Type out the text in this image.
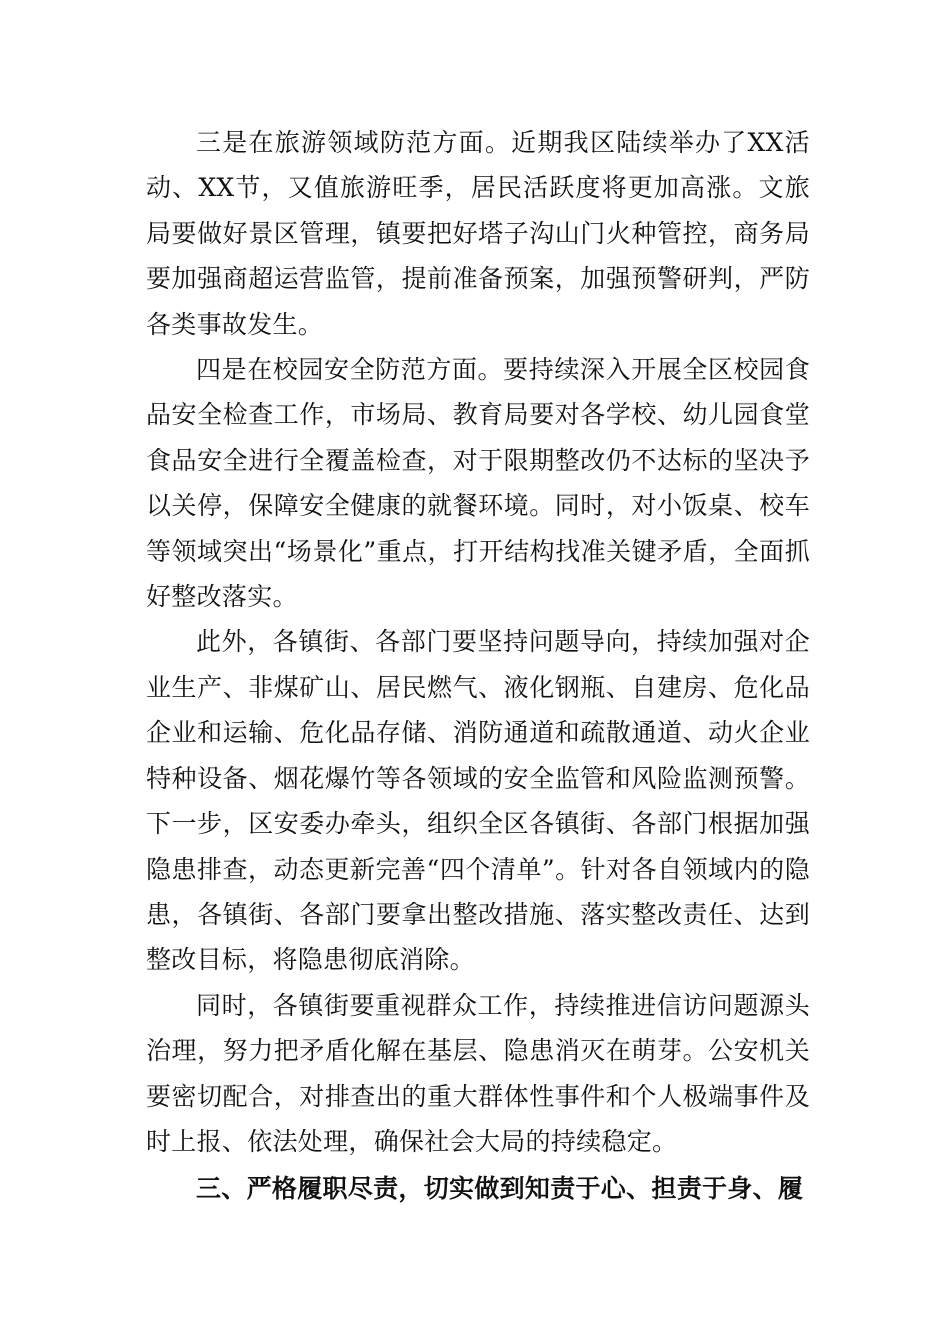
三是在旅游领域防范方面。近期我区陆续举办了XX活动、XX节，又值旅游旺季，居民活跃度将更加高涨。文旅局要做好景区管理，镇要把好塔子沟山门火种管控，商务局要加强商超运营监管，提前准备预案，加强预警研判，严防各类事故发生。

四是在校园安全防范方面。要持续深入开展全区校园食品安全检查工作，市场局、教育局要对各学校、幼儿园食堂食品安全进行全覆盖检查，对于限期整改仍不达标的坚决予以关停，保障安全健康的就餐环境。同时，对小饭桌、校车等领域突出“场景化”重点，打开结构找准关键矛盾，全面抓好整改落实。

此外，各镇街、各部门要坚持问题导向，持续加强对企业生产、非煤矿山、居民燃气、液化钢瓶、自建房、危化品企业和运输、危化品存储、消防通道和疏散通道、动火企业特种设备、烟花爆竹等各领域的安全监管和风险监测预警。下一步，区安委办牵头，组织全区各镇街、各部门根据加强隐患排查，动态更新完善“四个清单”。针对各自领域内的隐患，各镇街、各部门要拿出整改措施、落实整改责任、达到整改目标，将隐患彻底消除。

同时，各镇街要重视群众工作，持续推进信访问题源头治理，努力把矛盾化解在基层、隐患消灭在萌芽。公安机关要密切配合，对排查出的重大群体性事件和个人极端事件及时上报、依法处理，确保社会大局的持续稳定。

三、严格履职尽责，切实做到知责于心、担责于身、履
